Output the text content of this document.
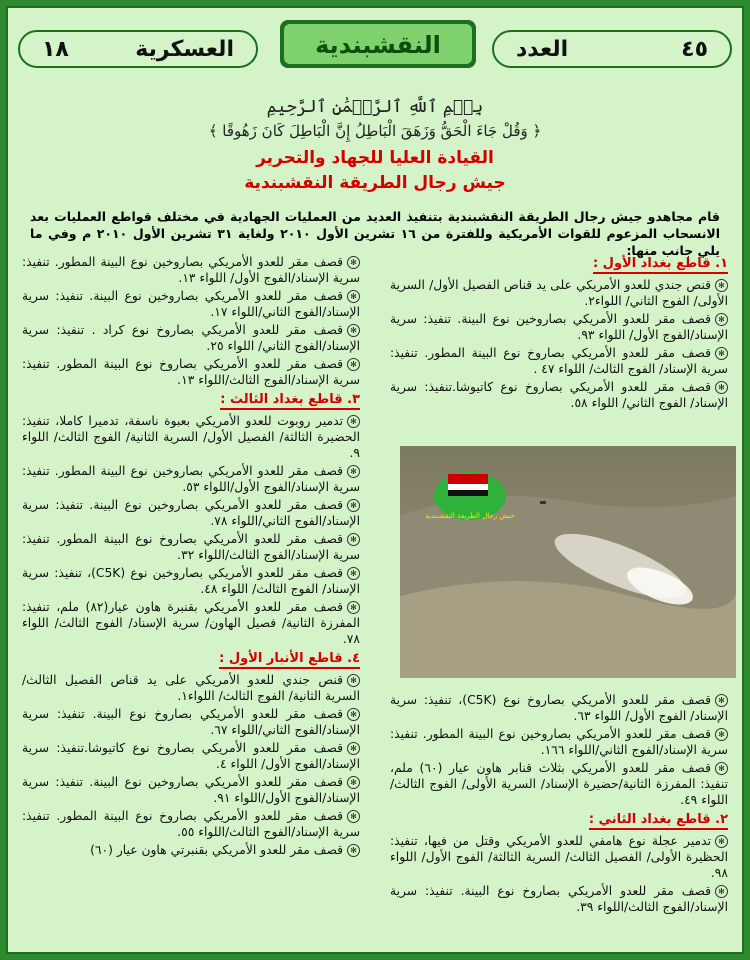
العدد	٤٥
النقشبندية
١٨	العسكرية
بِسۡمِ ٱللَّهِ ٱلرَّحۡمَٰنِ ٱلرَّحِيمِ
﴿ وَقُلْ جَاءَ الْحَقُّ وَزَهَقَ الْبَاطِلُ إِنَّ الْبَاطِلَ كَانَ زَهُوقًا ﴾
القيادة العليا للجهاد والتحرير
جيش رجال الطريقة النقشبندية
قام مجاهدو جيش رجال الطريقة النقشبندية بتنفيذ العديد من العمليات الجهادية في مختلف قواطع العمليات بعد الانسحاب المزعوم للقوات الأمريكية وللفترة من ١٦ تشرين الأول ٢٠١٠ ولغاية ٣١ تشرين الأول ٢٠١٠ م وفي ما يلي جانب منها:
١. قاطع بغداد الأول :
✻قنص جندي للعدو الأمريكي على يد قناص الفصيل الأول/ السرية الأولى/ الفوج الثاني/ اللواء٢.
✻قصف مقر للعدو الأمريكي بصاروخين نوع البينة. تنفيذ: سرية الإسناد/الفوج الأول/ اللواء ٩٣.
✻قصف مقر للعدو الأمريكي بصاروخ نوع البينة المطور. تنفيذ: سرية الإسناد/ الفوج الثالث/ اللواء ٤٧ .
✻قصف مقر للعدو الأمريكي بصاروخ نوع كاتيوشا.تنفيذ: سرية الإسناد/ الفوج الثاني/ اللواء ٥٨.
جيش رجال الطريقة النقشبندية
✻قصف مقر للعدو الأمريكي بصاروخ نوع (C5K)، تنفيذ: سرية الإسناد/ الفوج الأول/ اللواء ٦٣.
✻قصف مقر للعدو الأمريكي بصاروخين نوع البينة المطور. تنفيذ: سرية الإسناد/الفوج الثاني/اللواء ١٦٦.
✻قصف مقر للعدو الأمريكي بثلاث قنابر هاون عيار (٦٠) ملم، تنفيذ: المفرزة الثانية/حضيرة الإسناد/ السرية الأولى/ الفوج الثالث/ اللواء ٤٩.
٢. قاطع بغداد الثاني :
✻تدمير عجلة نوع هامفي للعدو الأمريكي وقتل من فيها، تنفيذ: الحظيرة الأولى/ الفصيل الثالث/ السرية الثالثة/ الفوج الأول/ اللواء ٩٨.
✻قصف مقر للعدو الأمريكي بصاروخ نوع البينة. تنفيذ: سرية الإسناد/الفوج الثالث/اللواء ٣٩.
✻قصف مقر للعدو الأمريكي بصاروخين نوع البينة المطور. تنفيذ: سرية الإسناد/الفوج الأول/ اللواء ١٣.
✻قصف مقر للعدو الأمريكي بصاروخين نوع البينة. تنفيذ: سرية الإسناد/الفوج الثاني/اللواء ١٧.
✻قصف مقر للعدو الأمريكي بصاروخ نوع كراد . تنفيذ: سرية الإسناد/الفوج الثاني/ اللواء ٢٥.
✻قصف مقر للعدو الأمريكي بصاروخ نوع البينة المطور. تنفيذ: سرية الإسناد/الفوج الثالث/اللواء ١٣.
٣. قاطع بغداد الثالث :
✻تدمير روبوت للعدو الأمريكي بعبوة ناسفة، تدميرا كاملا، تنفيذ: الحضيرة الثالثة/ الفصيل الأول/ السرية الثانية/ الفوج الثالث/ اللواء ٩.
✻قصف مقر للعدو الأمريكي بصاروخين نوع البينة المطور. تنفيذ: سرية الإسناد/الفوج الأول/اللواء ٥٣.
✻قصف مقر للعدو الأمريكي بصاروخين نوع البينة. تنفيذ: سرية الإسناد/الفوج الثاني/اللواء ٧٨.
✻قصف مقر للعدو الأمريكي بصاروخ نوع البينة المطور. تنفيذ: سرية الإسناد/الفوج الثالث/اللواء ٣٢.
✻قصف مقر للعدو الأمريكي بصاروخين نوع (C5K)، تنفيذ: سرية الإسناد/ الفوج الثالث/ اللواء ٤٨.
✻قصف مقر للعدو الأمريكي بقنبرة هاون عيار(٨٢) ملم، تنفيذ: المفرزة الثانية/ فصيل الهاون/ سرية الإسناد/ الفوج الثالث/ اللواء ٧٨.
٤. قاطع الأنبار الأول :
✻قنص جندي للعدو الأمريكي على يد قناص الفصيل الثالث/ السرية الثانية/ الفوج الثالث/ اللواء١.
✻قصف مقر للعدو الأمريكي بصاروخ نوع البينة. تنفيذ: سرية الإسناد/الفوج الثاني/اللواء ٦٧.
✻قصف مقر للعدو الأمريكي بصاروخ نوع كاتيوشا.تنفيذ: سرية الإسناد/الفوج الأول/ اللواء ٤.
✻قصف مقر للعدو الأمريكي بصاروخين نوع البينة. تنفيذ: سرية الإسناد/الفوج الأول/اللواء ٩١.
✻قصف مقر للعدو الأمريكي بصاروخ نوع البينة المطور. تنفيذ: سرية الإسناد/الفوج الثالث/اللواء ٥٥.
✻قصف مقر للعدو الأمريكي بقنبرتي هاون عيار (٦٠)
